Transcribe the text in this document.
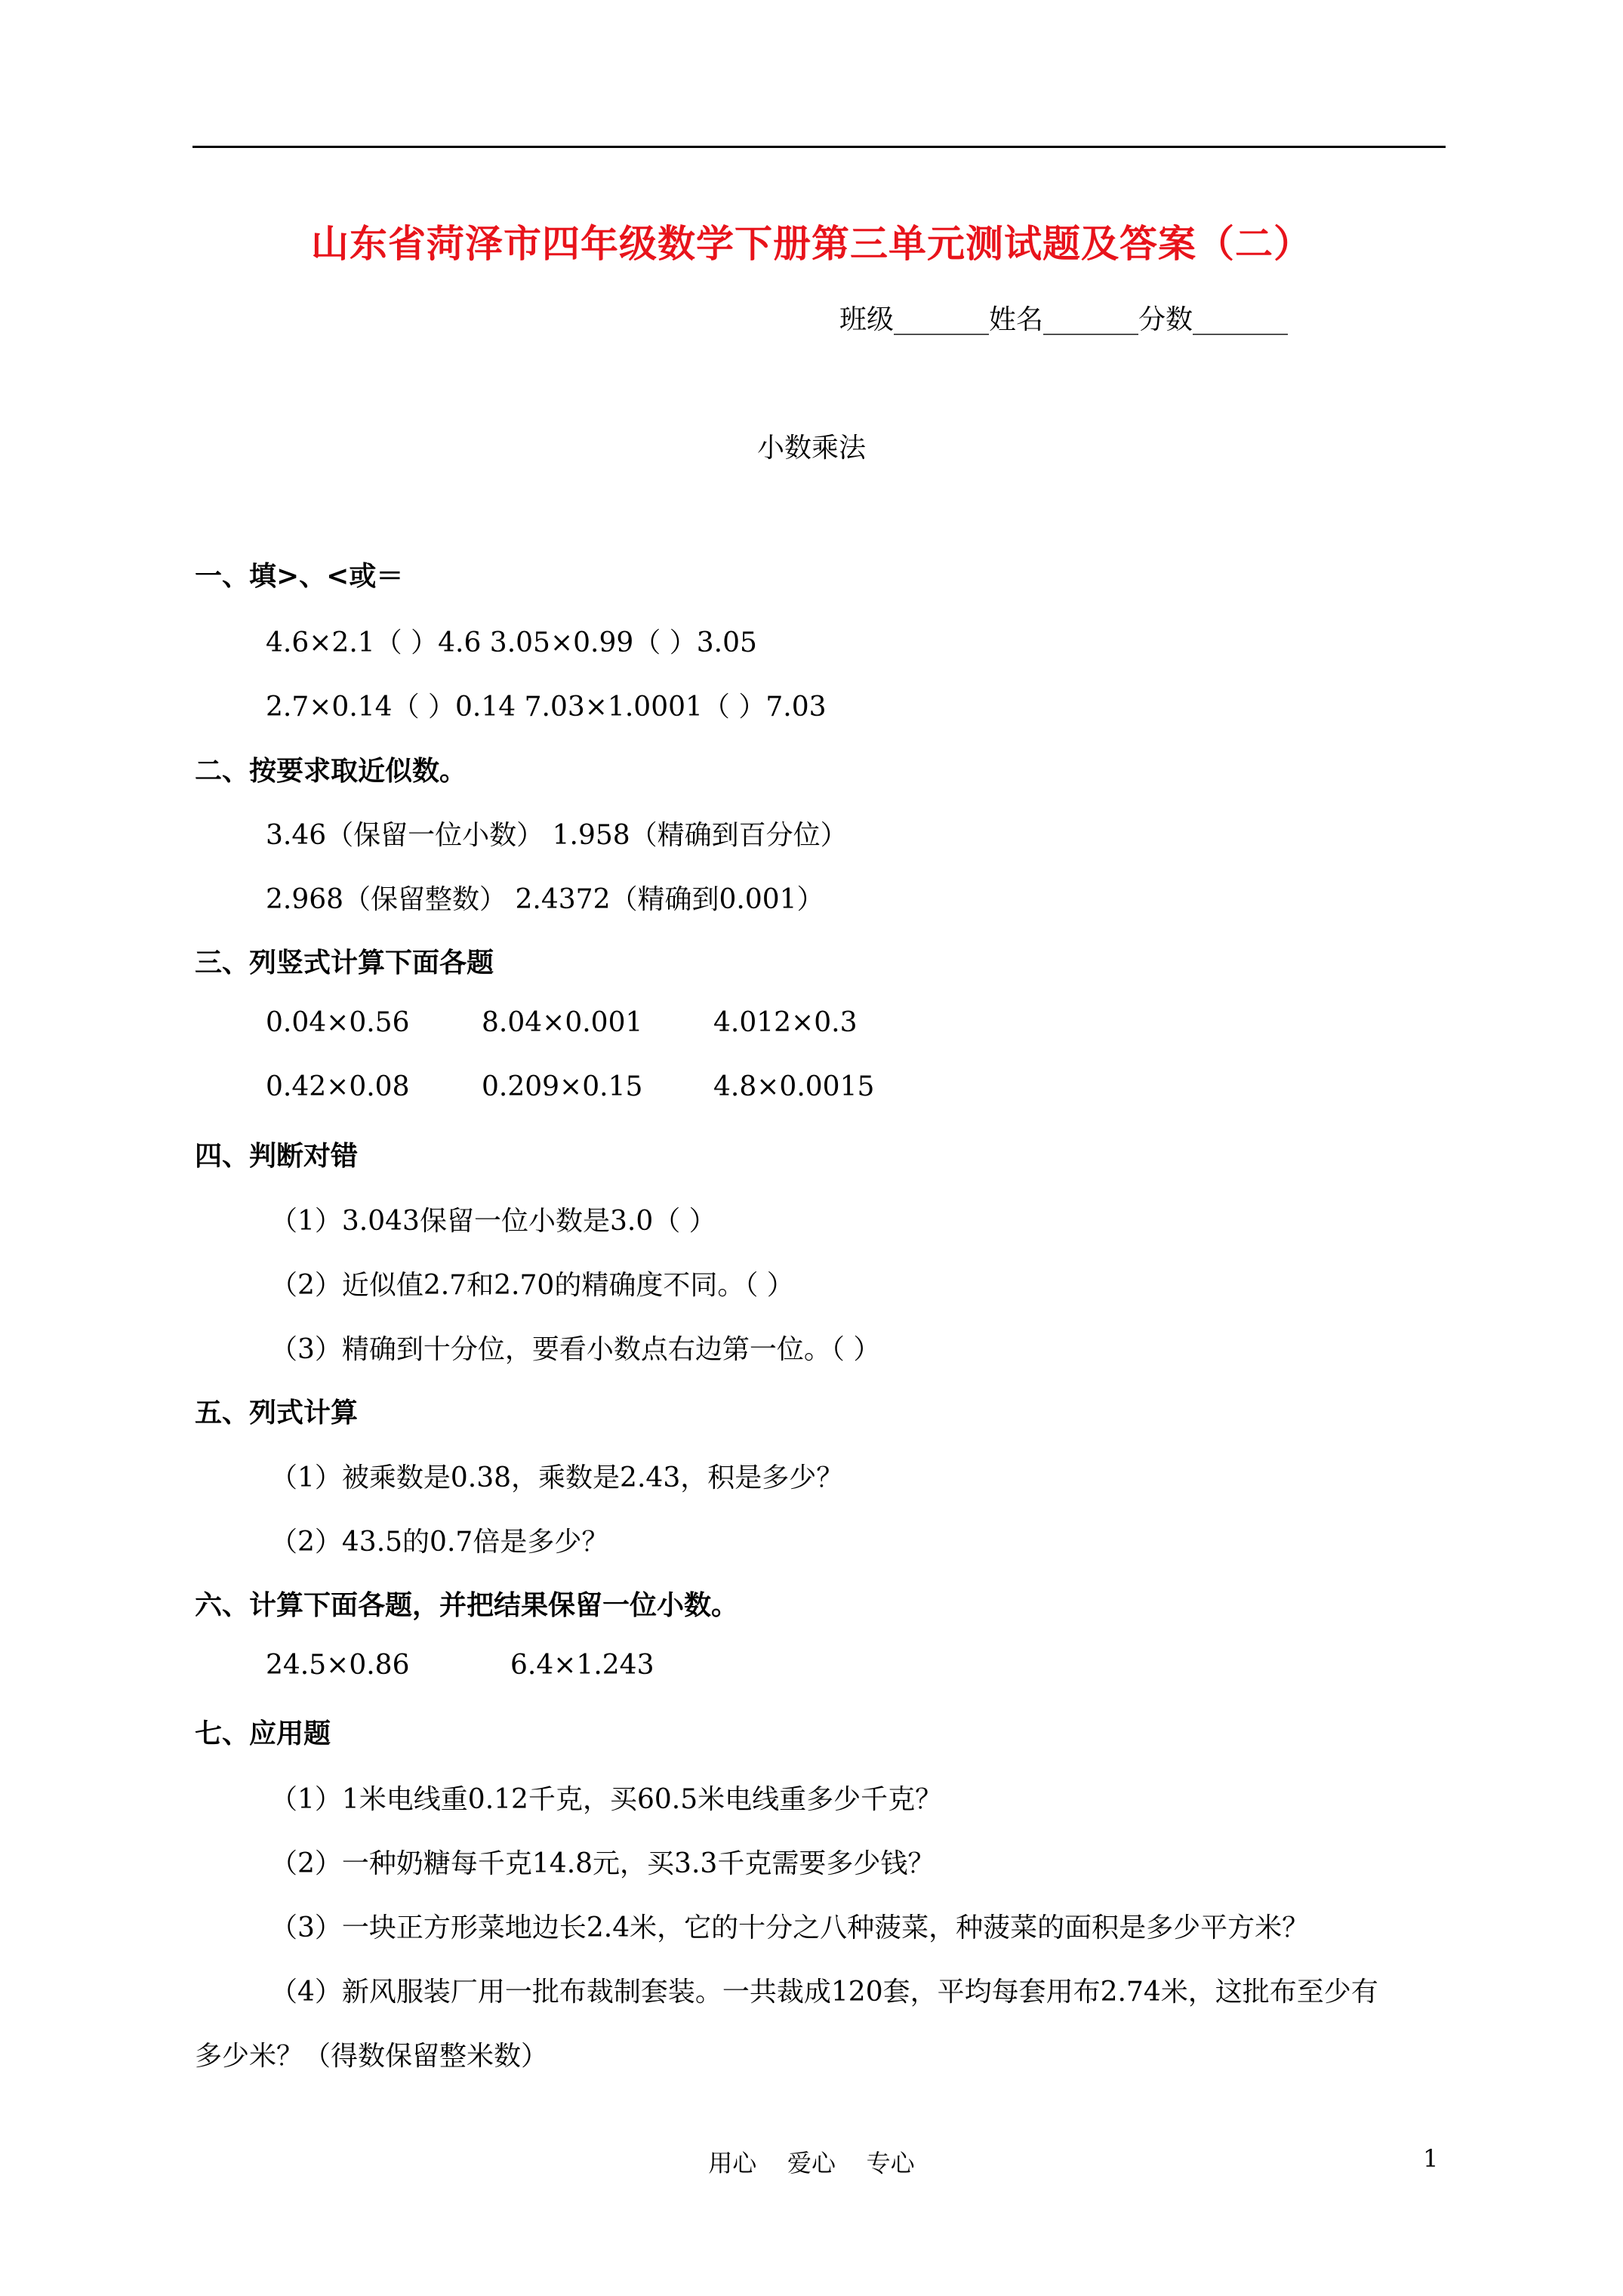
山东省菏泽市四年级数学下册第三单元测试题及答案（二）
班级_______姓名_______分数_______
小数乘法
一、填>、<或＝
4.6×2.1（ ）4.6 3.05×0.99（ ）3.05
2.7×0.14（ ）0.14 7.03×1.0001（ ）7.03
二、按要求取近似数。
3.46（保留一位小数） 1.958（精确到百分位）
2.968（保留整数） 2.4372（精确到0.001）
三、列竖式计算下面各题
0.04×0.56	8.04×0.001	4.012×0.3
0.42×0.08	0.209×0.15	4.8×0.0015
四、判断对错
（1）3.043保留一位小数是3.0（ ）
（2）近似值2.7和2.70的精确度不同。（ ）
（3）精确到十分位，要看小数点右边第一位。（ ）
五、列式计算
（1）被乘数是0.38，乘数是2.43，积是多少？
（2）43.5的0.7倍是多少？
六、计算下面各题，并把结果保留一位小数。
24.5×0.86	6.4×1.243
七、应用题
（1）1米电线重0.12千克，买60.5米电线重多少千克？
（2）一种奶糖每千克14.8元，买3.3千克需要多少钱？
（3）一块正方形菜地边长2.4米，它的十分之八种菠菜，种菠菜的面积是多少平方米？
（4）新风服装厂用一批布裁制套装。一共裁成120套，平均每套用布2.74米，这批布至少有
多少米？（得数保留整米数）
用心    爱心    专心	1
